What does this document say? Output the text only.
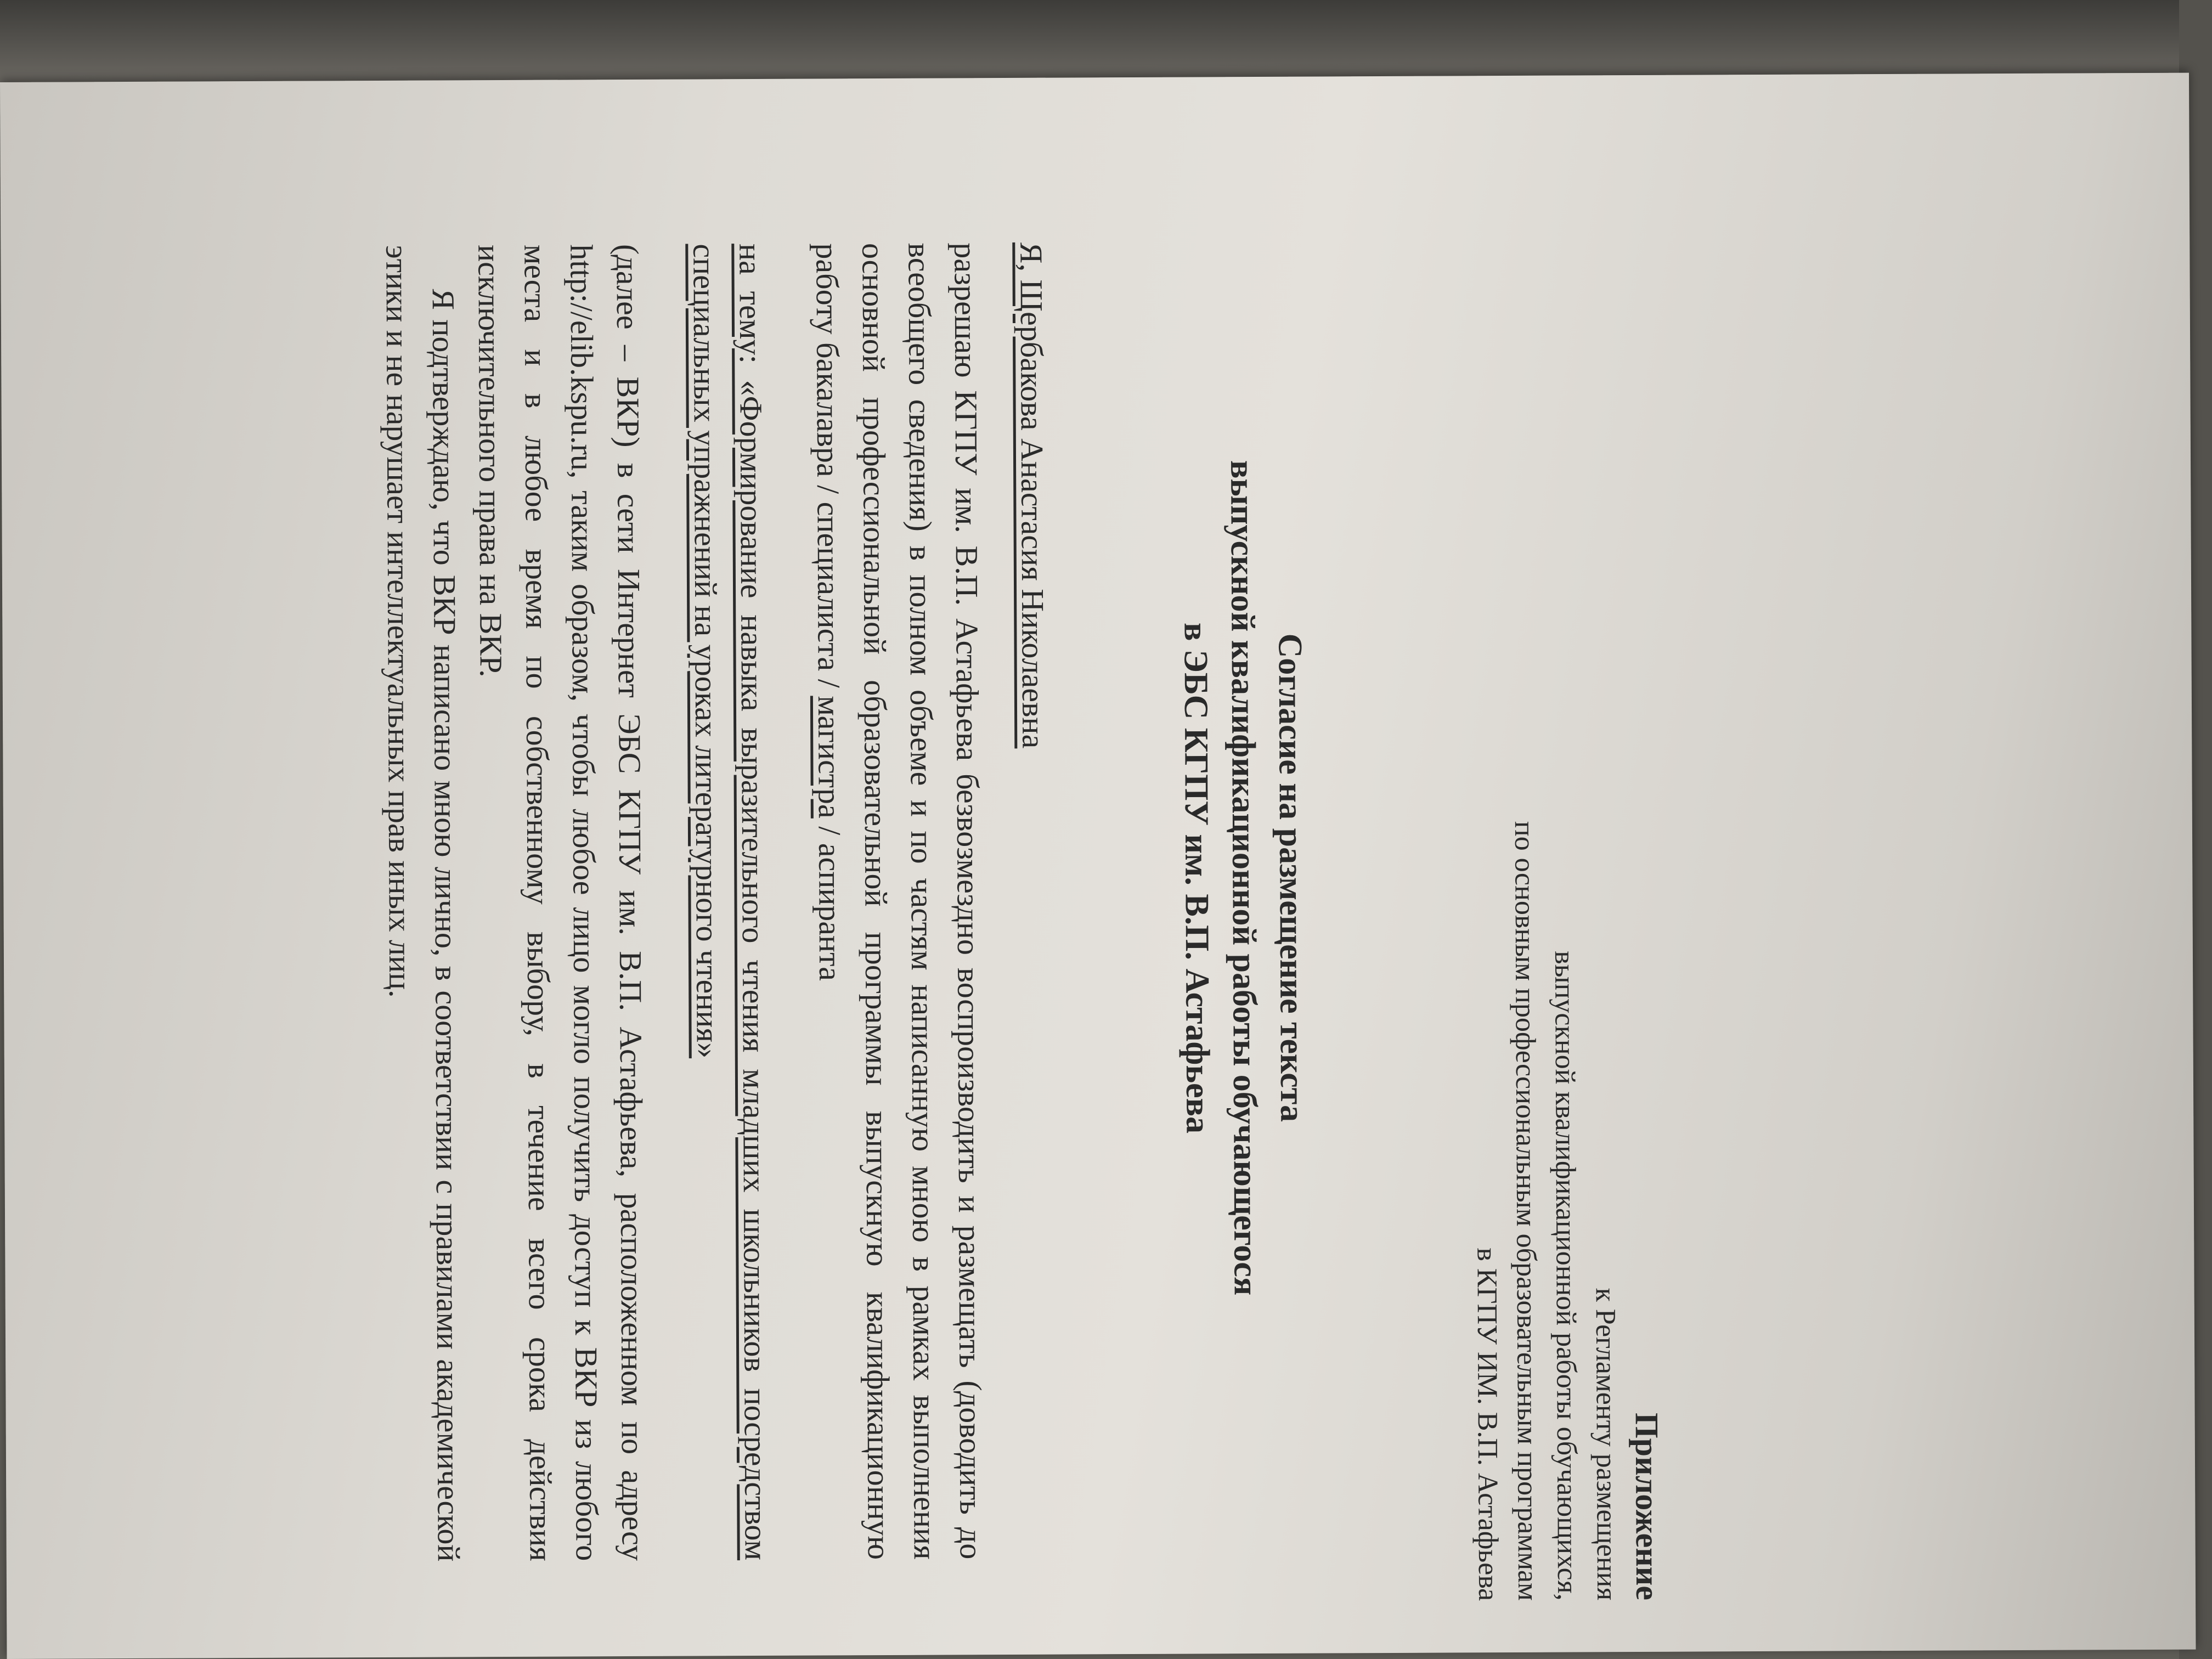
Приложение
к Регламенту размещения
выпускной квалификационной работы обучающихся,
по основным профессиональным образовательным программам
в КГПУ ИМ. В.П. Астафьева
Согласие на размещение текста
выпускной квалификационной работы обучающегося
в ЭБС КГПУ им. В.П. Астафьева

Я, Щербакова Анастасия Николаевна

разрешаю КГПУ им. В.П. Астафьева безвозмездно воспроизводить и размещать (доводить до всеобщего сведения) в полном объеме и по частям написанную мною в рамках выполнения основной профессиональной образовательной программы выпускную квалификационную работу бакалавра / специалиста / магистра / аспиранта

на тему: «Формирование навыка выразительного чтения младших школьников посредством специальных упражнений на уроках литературного чтения»

(далее – ВКР) в сети Интернет ЭБС КГПУ им. В.П. Астафьева, расположенном по адресу http://elib.kspu.ru, таким образом, чтобы любое лицо могло получить доступ к ВКР из любого места и в любое время по собственному выбору, в течение всего срока действия исключительного права на ВКР.

Я подтверждаю, что ВКР написано мною лично, в соответствии с правилами академической этики и не нарушает интеллектуальных прав иных лиц.
